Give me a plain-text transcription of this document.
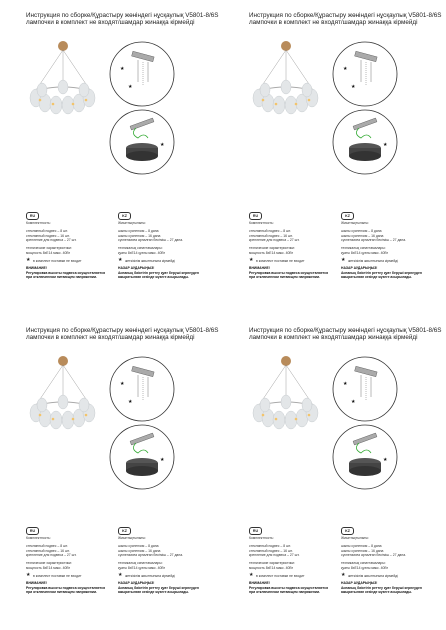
Инструкция по сборке/Құрастыру жөніндегі нұсқаулық V5801-8/6S
лампочки в комплект не входят/шамдар жинаққа кірмейді
★
★
★
RU	KZ
Комплектность:	Жиынтықтылығы:
стеклянный подвес – 8 шт.
стеклянный подвес – 16 шт.
крепление для подвеса – 27 шт.
шыны суспензия – 8 дана
шыны суспензия – 16 дана
суспензияға арналған бекіткіш – 27 дана.
технические характеристики:
мощность 8xE14 макс. 40Вт
техникалық сипаттамалары:
қуаты 8xE14 қуаты макс. 40Вт
★ в комплект поставки не входит	★ жеткізілім жиынтығына кірмейді
ВНИМАНИЕ!
Регулировка высоты подвеса осуществляется
при отключенном питающем напряжении.
НАЗАР АУДАРЫҢЫЗ!
Аспаның биіктігін реттеу қуат беруші кернеуден
ажыратылған кезінде жүзеге асырылады.
Инструкция по сборке/Құрастыру жөніндегі нұсқаулық V5801-8/6S
лампочки в комплект не входят/шамдар жинаққа кірмейді
★
★
★
RU	KZ
Комплектность:	Жиынтықтылығы:
стеклянный подвес – 8 шт.
стеклянный подвес – 16 шт.
крепление для подвеса – 27 шт.
шыны суспензия – 8 дана
шыны суспензия – 16 дана
суспензияға арналған бекіткіш – 27 дана.
технические характеристики:
мощность 8xE14 макс. 40Вт
техникалық сипаттамалары:
қуаты 8xE14 қуаты макс. 40Вт
★ в комплект поставки не входит	★ жеткізілім жиынтығына кірмейді
ВНИМАНИЕ!
Регулировка высоты подвеса осуществляется
при отключенном питающем напряжении.
НАЗАР АУДАРЫҢЫЗ!
Аспаның биіктігін реттеу қуат беруші кернеуден
ажыратылған кезінде жүзеге асырылады.
Инструкция по сборке/Құрастыру жөніндегі нұсқаулық V5801-8/6S
лампочки в комплект не входят/шамдар жинаққа кірмейді
★
★
★
RU	KZ
Комплектность:	Жиынтықтылығы:
стеклянный подвес – 8 шт.
стеклянный подвес – 16 шт.
крепление для подвеса – 27 шт.
шыны суспензия – 8 дана
шыны суспензия – 16 дана
суспензияға арналған бекіткіш – 27 дана.
технические характеристики:
мощность 8xE14 макс. 40Вт
техникалық сипаттамалары:
қуаты 8xE14 қуаты макс. 40Вт
★ в комплект поставки не входит	★ жеткізілім жиынтығына кірмейді
ВНИМАНИЕ!
Регулировка высоты подвеса осуществляется
при отключенном питающем напряжении.
НАЗАР АУДАРЫҢЫЗ!
Аспаның биіктігін реттеу қуат беруші кернеуден
ажыратылған кезінде жүзеге асырылады.
Инструкция по сборке/Құрастыру жөніндегі нұсқаулық V5801-8/6S
лампочки в комплект не входят/шамдар жинаққа кірмейді
★
★
★
RU	KZ
Комплектность:	Жиынтықтылығы:
стеклянный подвес – 8 шт.
стеклянный подвес – 16 шт.
крепление для подвеса – 27 шт.
шыны суспензия – 8 дана
шыны суспензия – 16 дана
суспензияға арналған бекіткіш – 27 дана.
технические характеристики:
мощность 8xE14 макс. 40Вт
техникалық сипаттамалары:
қуаты 8xE14 қуаты макс. 40Вт
★ в комплект поставки не входит	★ жеткізілім жиынтығына кірмейді
ВНИМАНИЕ!
Регулировка высоты подвеса осуществляется
при отключенном питающем напряжении.
НАЗАР АУДАРЫҢЫЗ!
Аспаның биіктігін реттеу қуат беруші кернеуден
ажыратылған кезінде жүзеге асырылады.
